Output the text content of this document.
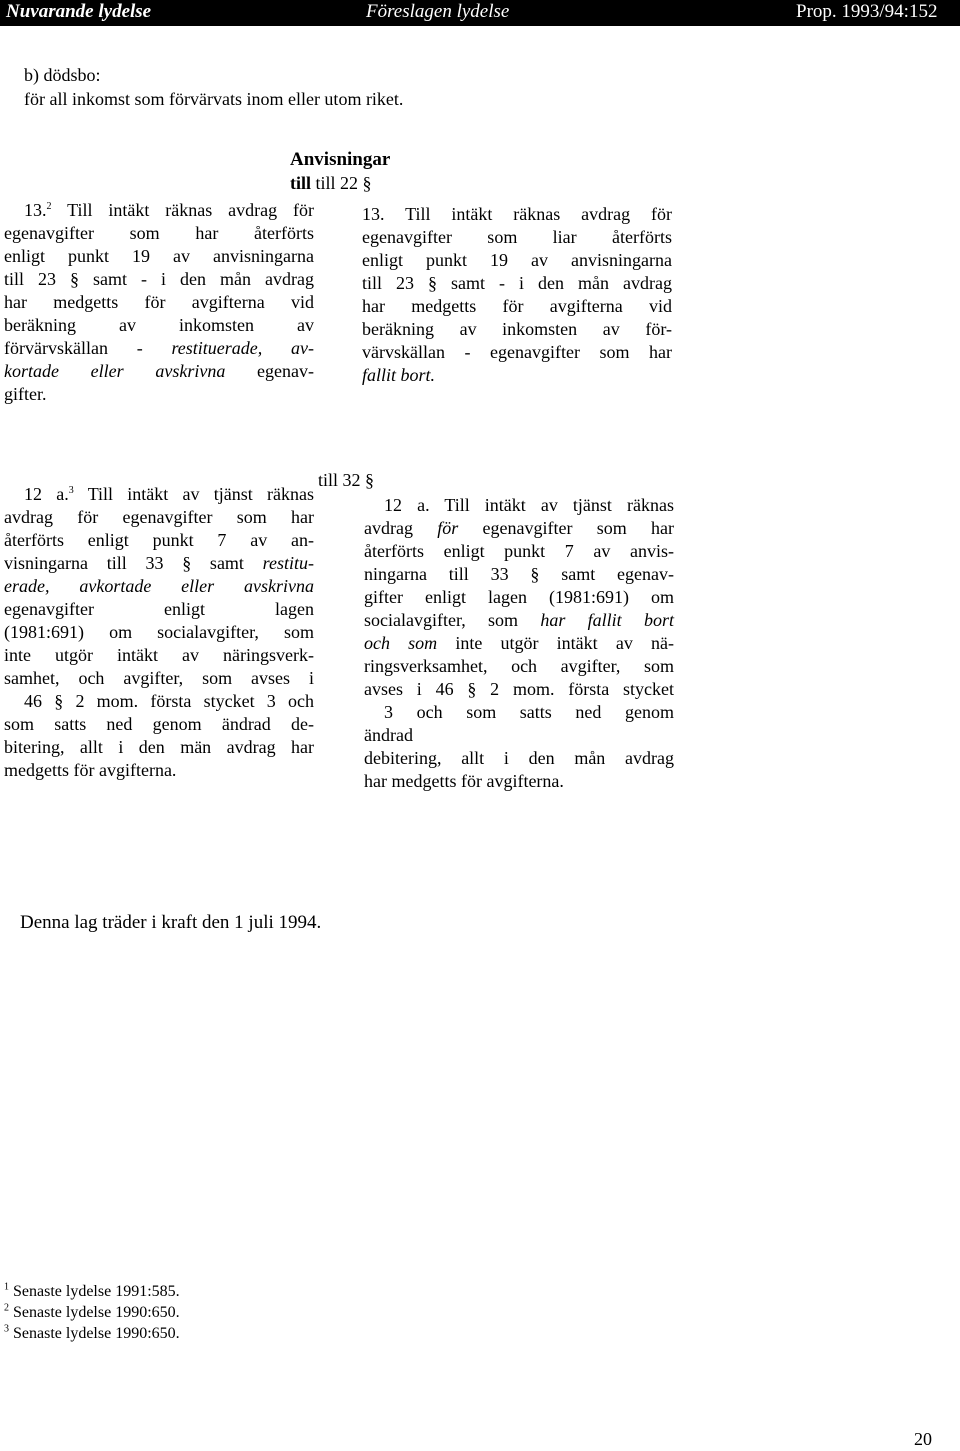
Nuvarande lydelse	Föreslagen lydelse	Prop. 1993/94:152
b) dödsbo:
för all inkomst som förvärvats inom eller utom riket.
Anvisningar
till till 22 §
13.$^2$ Till intäkt räknas avdrag för
egenavgifter som har återförts
enligt punkt 19 av anvisningarna
till 23 § samt - i den mån avdrag
har medgetts för avgifterna vid
beräkning av inkomsten av
förvärvskällan - restituerade, av-
kortade eller avskrivna egenav-
gifter.
13. Till intäkt räknas avdrag för
egenavgifter som liar återförts
enligt punkt 19 av anvisningarna
till 23 § samt - i den mån avdrag
har medgetts för avgifterna vid
beräkning av inkomsten av för-
värvskällan - egenavgifter som har
fallit bort.
till 32 §
12 a.$^3$ Till intäkt av tjänst räknas
avdrag för egenavgifter som har
återförts enligt punkt 7 av an-
visningarna till 33 § samt restitu-
erade, avkortade eller avskrivna
egenavgifter enligt lagen
(1981:691) om socialavgifter, som
inte utgör intäkt av näringsverk-
samhet, och avgifter, som avses i
46 § 2 mom. första stycket 3 och
som satts ned genom ändrad de-
bitering, allt i den män avdrag har
medgetts för avgifterna.
12 a. Till intäkt av tjänst räknas
avdrag för egenavgifter som har
återförts enligt punkt 7 av anvis-
ningarna till 33 § samt egenav-
gifter enligt lagen (1981:691) om
socialavgifter, som har fallit bort
och som inte utgör intäkt av nä-
ringsverksamhet, och avgifter, som
avses i 46 § 2 mom. första stycket
3 och som satts ned genom
ändrad
debitering, allt i den mån avdrag
har medgetts för avgifterna.
Denna lag träder i kraft den 1 juli 1994.
$^1$ Senaste lydelse 1991:585.
$^2$ Senaste lydelse 1990:650.
$^3$ Senaste lydelse 1990:650.
20
